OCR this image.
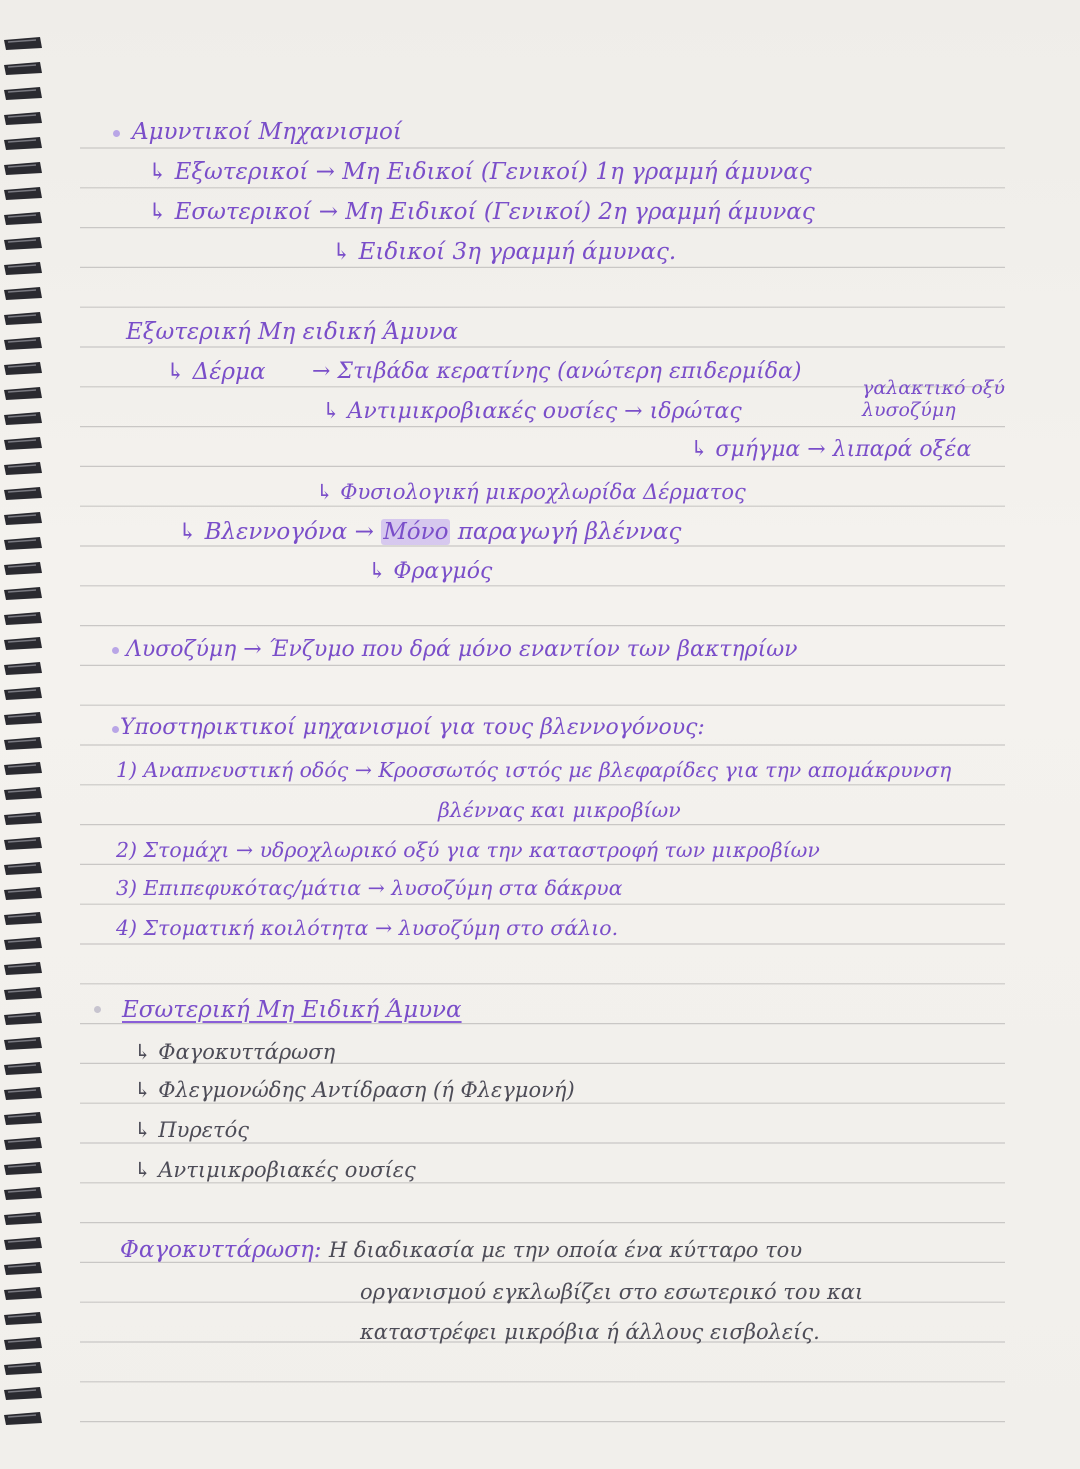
Αμυντικοί Μηχανισμοί

↳ Εξωτερικοί → Μη Ειδικοί (Γενικοί) 1η γραμμή άμυνας

↳ Εσωτερικοί → Μη Ειδικοί (Γενικοί) 2η γραμμή άμυνας

↳ Ειδικοί 3η γραμμή άμυνας.

Εξωτερική Μη ειδική Άμυνα

↳ Δέρμα → Στιβάδα κερατίνης (ανώτερη επιδερμίδα)

γαλακτικό οξύ

↳ Αντιμικροβιακές ουσίες → ιδρώτας	λυσοζύμη

↳ σμήγμα → λιπαρά οξέα

↳ Φυσιολογική μικροχλωρίδα Δέρματος

↳ Βλεννογόνα → Μόνο παραγωγή βλέννας

↳ Φραγμός

Λυσοζύμη → Ένζυμο που δρά μόνο εναντίον των βακτηρίων

Υποστηρικτικοί μηχανισμοί για τους βλεννογόνους:

1) Αναπνευστική οδός → Κροσσωτός ιστός με βλεφαρίδες για την απομάκρυνση

βλέννας και μικροβίων

2) Στομάχι → υδροχλωρικό οξύ για την καταστροφή των μικροβίων

3) Επιπεφυκότας/μάτια → λυσοζύμη στα δάκρυα

4) Στοματική κοιλότητα → λυσοζύμη στο σάλιο.

Εσωτερική Μη Ειδική Άμυνα

↳ Φαγοκυττάρωση

↳ Φλεγμονώδης Αντίδραση (ή Φλεγμονή)

↳ Πυρετός

↳ Αντιμικροβιακές ουσίες

Φαγοκυττάρωση: Η διαδικασία με την οποία ένα κύτταρο του

οργανισμού εγκλωβίζει στο εσωτερικό του και

καταστρέφει μικρόβια ή άλλους εισβολείς.
